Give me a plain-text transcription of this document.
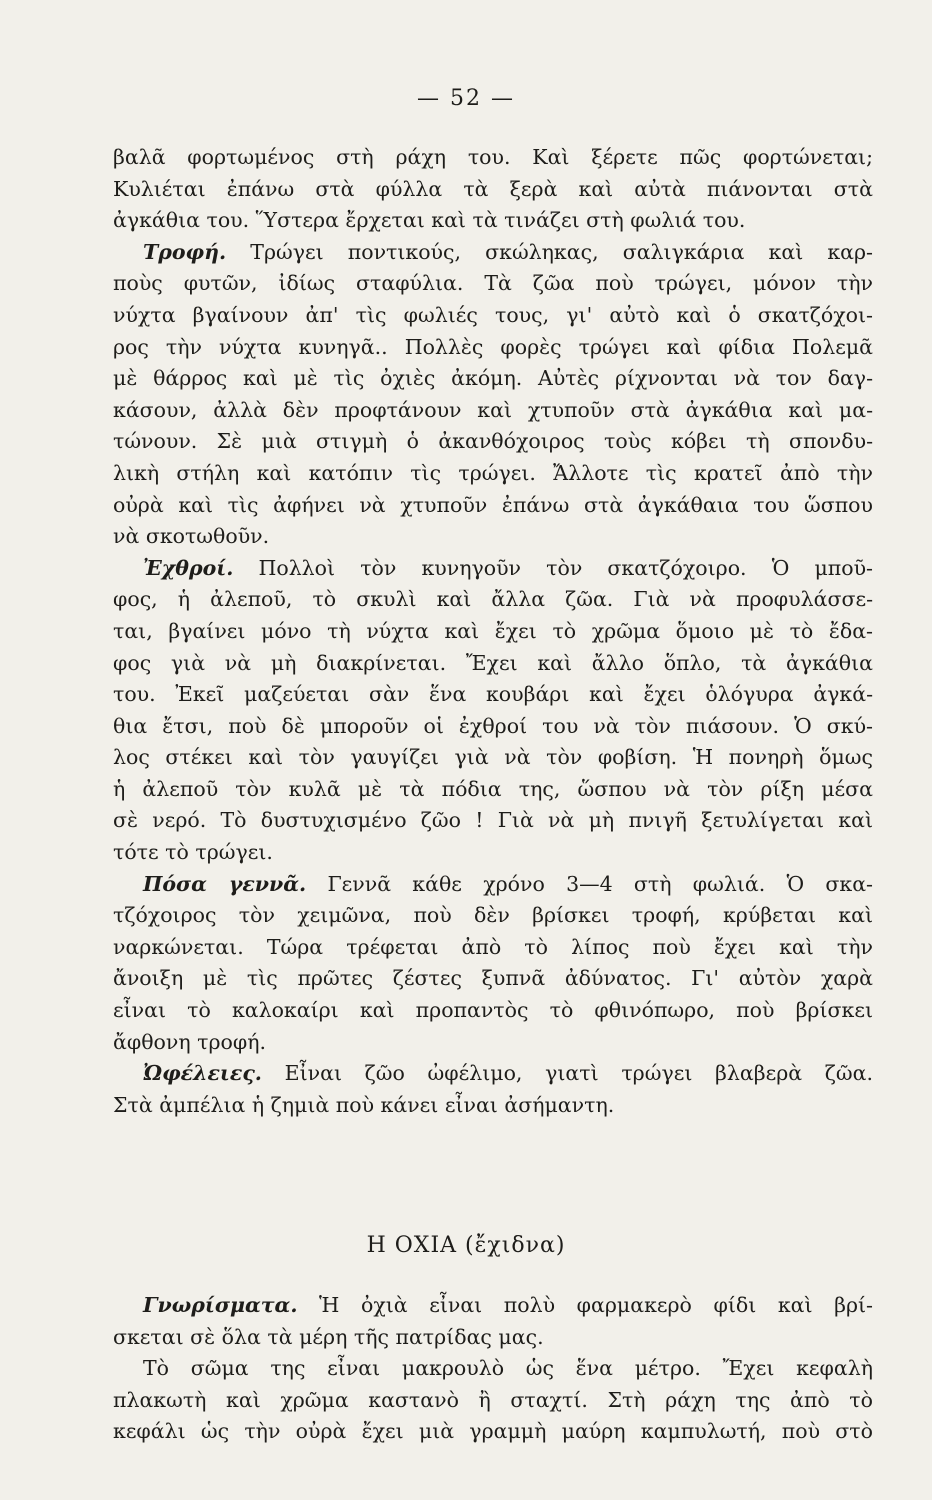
— 52 —
βαλᾶ φορτωμένος στὴ ράχη του. Καὶ ξέρετε πῶς φορτώνεται;
Κυλιέται ἐπάνω στὰ φύλλα τὰ ξερὰ καὶ αὐτὰ πιάνονται στὰ
ἀγκάθια του. Ὕστερα ἔρχεται καὶ τὰ τινάζει στὴ φωλιά του.
Τροφή. Τρώγει ποντικούς, σκώληκας, σαλιγκάρια καὶ καρ-
ποὺς φυτῶν, ἰδίως σταφύλια. Τὰ ζῶα ποὺ τρώγει, μόνον τὴν
νύχτα βγαίνουν ἀπ' τὶς φωλιές τους, γι' αὐτὸ καὶ ὁ σκατζόχοι-
ρος τὴν νύχτα κυνηγᾶ.. Πολλὲς φορὲς τρώγει καὶ φίδια Πολεμᾶ
μὲ θάρρος καὶ μὲ τὶς ὀχιὲς ἀκόμη. Αὐτὲς ρίχνονται νὰ τον δαγ-
κάσουν, ἀλλὰ δὲν προφτάνουν καὶ χτυποῦν στὰ ἀγκάθια καὶ μα-
τώνουν. Σὲ μιὰ στιγμὴ ὁ ἀκανθόχοιρος τοὺς κόβει τὴ σπονδυ-
λικὴ στήλη καὶ κατόπιν τὶς τρώγει. Ἄλλοτε τὶς κρατεῖ ἀπὸ τὴν
οὐρὰ καὶ τὶς ἀφήνει νὰ χτυποῦν ἐπάνω στὰ ἀγκάθαια του ὥσπου
νὰ σκοτωθοῦν.
Ἐχθροί. Πολλοὶ τὸν κυνηγοῦν τὸν σκατζόχοιρο. Ὁ μποῦ-
φος, ἡ ἀλεποῦ, τὸ σκυλὶ καὶ ἄλλα ζῶα. Γιὰ νὰ προφυλάσσε-
ται, βγαίνει μόνο τὴ νύχτα καὶ ἔχει τὸ χρῶμα ὅμοιο μὲ τὸ ἔδα-
φος γιὰ νὰ μὴ διακρίνεται. Ἔχει καὶ ἄλλο ὅπλο, τὰ ἀγκάθια
του. Ἐκεῖ μαζεύεται σὰν ἕνα κουβάρι καὶ ἔχει ὁλόγυρα ἀγκά-
θια ἔτσι, ποὺ δὲ μποροῦν οἱ ἐχθροί του νὰ τὸν πιάσουν. Ὁ σκύ-
λος στέκει καὶ τὸν γαυγίζει γιὰ νὰ τὸν φοβίση. Ἡ πονηρὴ ὅμως
ἡ ἀλεποῦ τὸν κυλᾶ μὲ τὰ πόδια της, ὥσπου νὰ τὸν ρίξη μέσα
σὲ νερό. Τὸ δυστυχισμένο ζῶο ! Γιὰ νὰ μὴ πνιγῆ ξετυλίγεται καὶ
τότε τὸ τρώγει.
Πόσα γεννᾶ. Γεννᾶ κάθε χρόνο 3—4 στὴ φωλιά. Ὁ σκα-
τζόχοιρος τὸν χειμῶνα, ποὺ δὲν βρίσκει τροφή, κρύβεται καὶ
ναρκώνεται. Τώρα τρέφεται ἀπὸ τὸ λίπος ποὺ ἔχει καὶ τὴν
ἄνοιξη μὲ τὶς πρῶτες ζέστες ξυπνᾶ ἀδύνατος. Γι' αὐτὸν χαρὰ
εἶναι τὸ καλοκαίρι καὶ προπαντὸς τὸ φθινόπωρο, ποὺ βρίσκει
ἄφθονη τροφή.
Ὠφέλειες. Εἶναι ζῶο ὠφέλιμο, γιατὶ τρώγει βλαβερὰ ζῶα.
Στὰ ἀμπέλια ἡ ζημιὰ ποὺ κάνει εἶναι ἀσήμαντη.
Η ΟΧΙΑ (ἔχιδνα)
Γνωρίσματα. Ἡ ὀχιὰ εἶναι πολὺ φαρμακερὸ φίδι καὶ βρί-
σκεται σὲ ὅλα τὰ μέρη τῆς πατρίδας μας.
Τὸ σῶμα της εἶναι μακρουλὸ ὡς ἕνα μέτρο. Ἔχει κεφαλὴ
πλακωτὴ καὶ χρῶμα καστανὸ ἢ σταχτί. Στὴ ράχη της ἀπὸ τὸ
κεφάλι ὡς τὴν οὐρὰ ἔχει μιὰ γραμμὴ μαύρη καμπυλωτή, ποὺ στὸ
